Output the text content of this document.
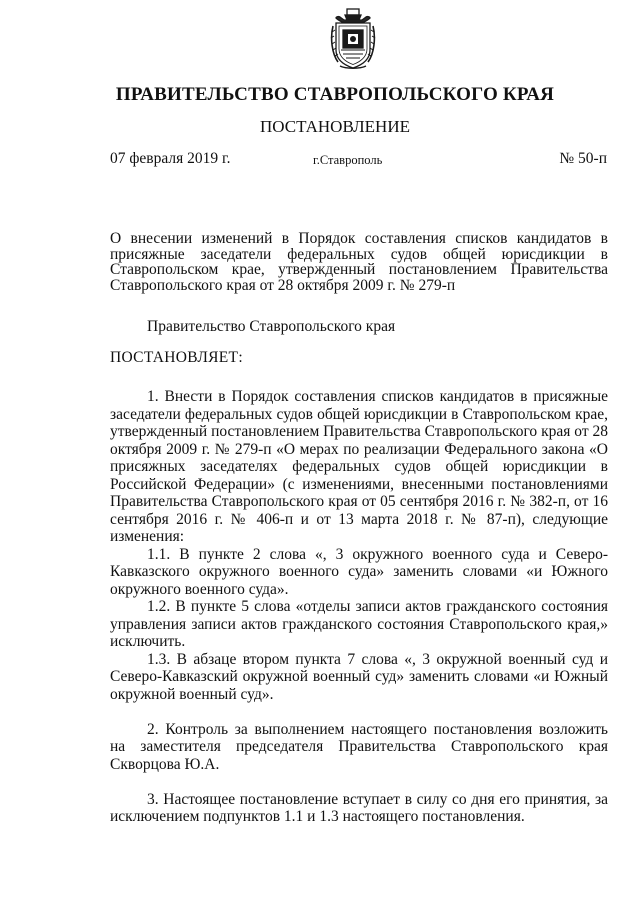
ПРАВИТЕЛЬСТВО СТАВРОПОЛЬСКОГО КРАЯ
ПОСТАНОВЛЕНИЕ
07 февраля 2019 г.	г.Ставрополь	№ 50-п
О внесении изменений в Порядок составления списков кандидатов в присяжные заседатели федеральных судов общей юрисдикции в Ставропольском крае, утвержденный постановлением Правительства Ставропольского края от 28 октября 2009 г. № 279-п
Правительство Ставропольского края
ПОСТАНОВЛЯЕТ:

1. Внести в Порядок составления списков кандидатов в присяжные заседатели федеральных судов общей юрисдикции в Ставропольском крае, утвержденный постановлением Правительства Ставропольского края от 28 октября 2009 г. № 279-п «О мерах по реализации Федерального закона «О присяжных заседателях федеральных судов общей юрисдикции в Российской Федерации» (с изменениями, внесенными постановлениями Правительства Ставропольского края от 05 сентября 2016 г. № 382-п, от 16 сентября 2016 г. № 406-п и от 13 марта 2018 г. № 87-п), следующие изменения:

1.1. В пункте 2 слова «, 3 окружного военного суда и Северо-Кавказского окружного военного суда» заменить словами «и Южного окружного военного суда».

1.2. В пункте 5 слова «отделы записи актов гражданского состояния управления записи актов гражданского состояния Ставропольского края,» исключить.

1.3. В абзаце втором пункта 7 слова «, 3 окружной военный суд и Северо-Кавказский окружной военный суд» заменить словами «и Южный окружной военный суд».

2. Контроль за выполнением настоящего постановления возложить на заместителя председателя Правительства Ставропольского края Скворцова Ю.А.

3. Настоящее постановление вступает в силу со дня его принятия, за исключением подпунктов 1.1 и 1.3 настоящего постановления.
